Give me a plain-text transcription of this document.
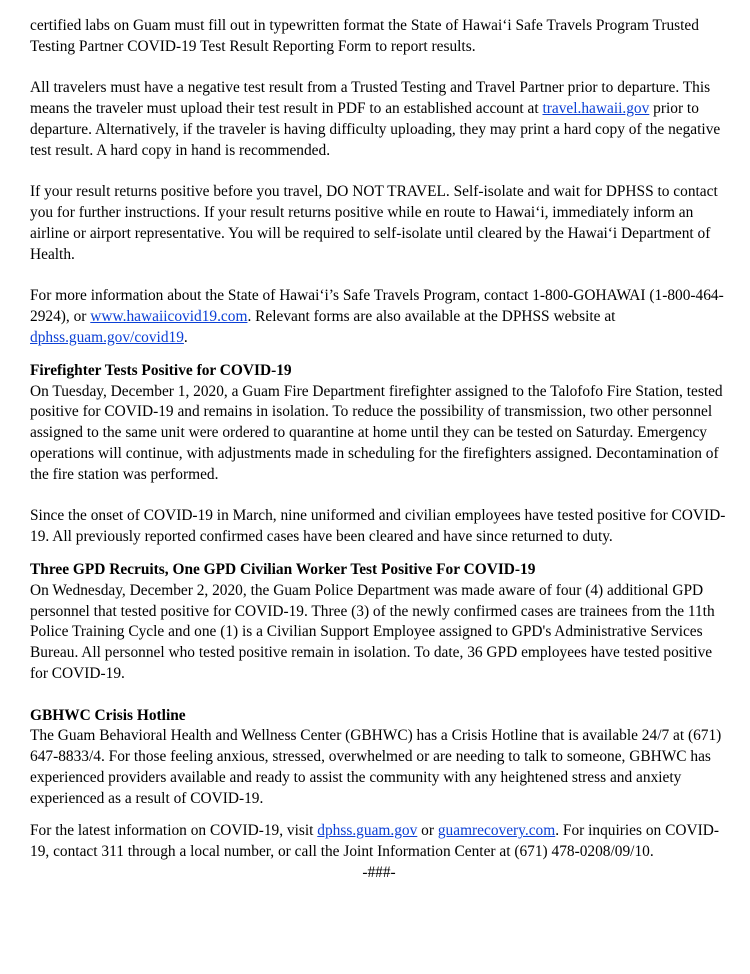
certified labs on Guam must fill out in typewritten format the State of Hawai‘i Safe Travels Program Trusted Testing Partner COVID-19 Test Result Reporting Form to report results.

All travelers must have a negative test result from a Trusted Testing and Travel Partner prior to departure. This means the traveler must upload their test result in PDF to an established account at travel.hawaii.gov prior to departure. Alternatively, if the traveler is having difficulty uploading, they may print a hard copy of the negative test result. A hard copy in hand is recommended.

If your result returns positive before you travel, DO NOT TRAVEL. Self-isolate and wait for DPHSS to contact you for further instructions. If your result returns positive while en route to Hawai‘i, immediately inform an airline or airport representative. You will be required to self-isolate until cleared by the Hawai‘i Department of Health.

For more information about the State of Hawai‘i’s Safe Travels Program, contact 1-800-GOHAWAI (1-800-464-2924), or www.hawaiicovid19.com. Relevant forms are also available at the DPHSS website at dphss.guam.gov/covid19.

Firefighter Tests Positive for COVID-19

On Tuesday, December 1, 2020, a Guam Fire Department firefighter assigned to the Talofofo Fire Station, tested positive for COVID-19 and remains in isolation. To reduce the possibility of transmission, two other personnel assigned to the same unit were ordered to quarantine at home until they can be tested on Saturday. Emergency operations will continue, with adjustments made in scheduling for the firefighters assigned. Decontamination of the fire station was performed.

Since the onset of COVID-19 in March, nine uniformed and civilian employees have tested positive for COVID-19. All previously reported confirmed cases have been cleared and have since returned to duty.

Three GPD Recruits, One GPD Civilian Worker Test Positive For COVID-19

On Wednesday, December 2, 2020, the Guam Police Department was made aware of four (4) additional GPD personnel that tested positive for COVID-19. Three (3) of the newly confirmed cases are trainees from the 11th Police Training Cycle and one (1) is a Civilian Support Employee assigned to GPD's Administrative Services Bureau. All personnel who tested positive remain in isolation. To date, 36 GPD employees have tested positive for COVID-19.

GBHWC Crisis Hotline

The Guam Behavioral Health and Wellness Center (GBHWC) has a Crisis Hotline that is available 24/7 at (671) 647-8833/4. For those feeling anxious, stressed, overwhelmed or are needing to talk to someone, GBHWC has experienced providers available and ready to assist the community with any heightened stress and anxiety experienced as a result of COVID-19.

For the latest information on COVID-19, visit dphss.guam.gov or guamrecovery.com. For inquiries on COVID-19, contact 311 through a local number, or call the Joint Information Center at (671) 478-0208/09/10.

-###-
